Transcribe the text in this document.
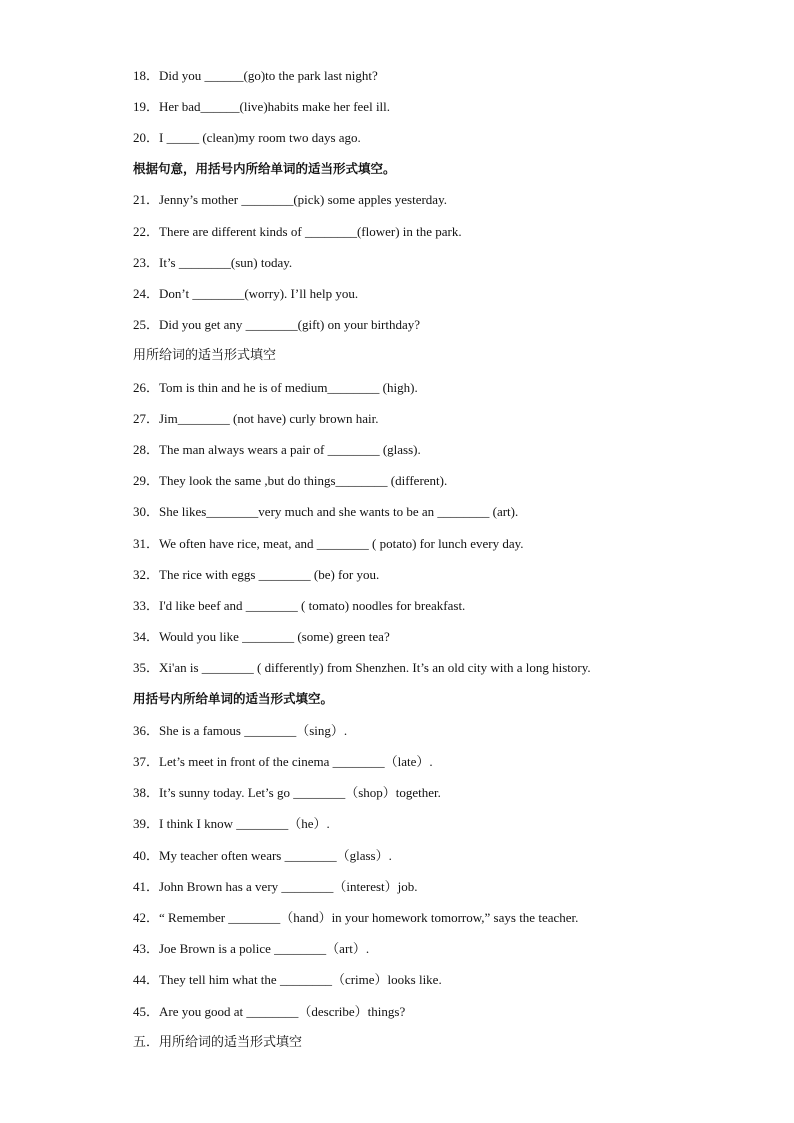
18．Did you ______(go)to the park last night?
19．Her bad______(live)habits make her feel ill.
20．I _____ (clean)my room two days ago.
根据句意，用括号内所给单词的适当形式填空。
21．Jenny’s mother ________(pick) some apples yesterday.
22．There are different kinds of ________(flower) in the park.
23．It’s ________(sun) today.
24．Don’t ________(worry). I’ll help you.
25．Did you get any ________(gift) on your birthday?
用所给词的适当形式填空
26．Tom is thin and he is of medium________ (high).
27．Jim________ (not have) curly brown hair.
28．The man always wears a pair of ________ (glass).
29．They look the same ,but do things________ (different).
30．She likes________very much and she wants to be an ________ (art).
31．We often have rice, meat, and ________ ( potato) for lunch every day.
32．The rice with eggs ________ (be) for you.
33．I'd like beef and ________ ( tomato) noodles for breakfast.
34．Would you like ________ (some) green tea?
35．Xi'an is ________ ( differently) from Shenzhen. It’s an old city with a long history.
用括号内所给单词的适当形式填空。
36．She is a famous ________（sing）.
37．Let’s meet in front of the cinema ________（late）.
38．It’s sunny today. Let’s go ________（shop）together.
39．I think I know ________（he）.
40．My teacher often wears ________（glass）.
41．John Brown has a very ________（interest）job.
42．“ Remember ________（hand）in your homework tomorrow,” says the teacher.
43．Joe Brown is a police ________（art）.
44．They tell him what the ________（crime）looks like.
45．Are you good at ________（describe）things?
五．用所给词的适当形式填空
